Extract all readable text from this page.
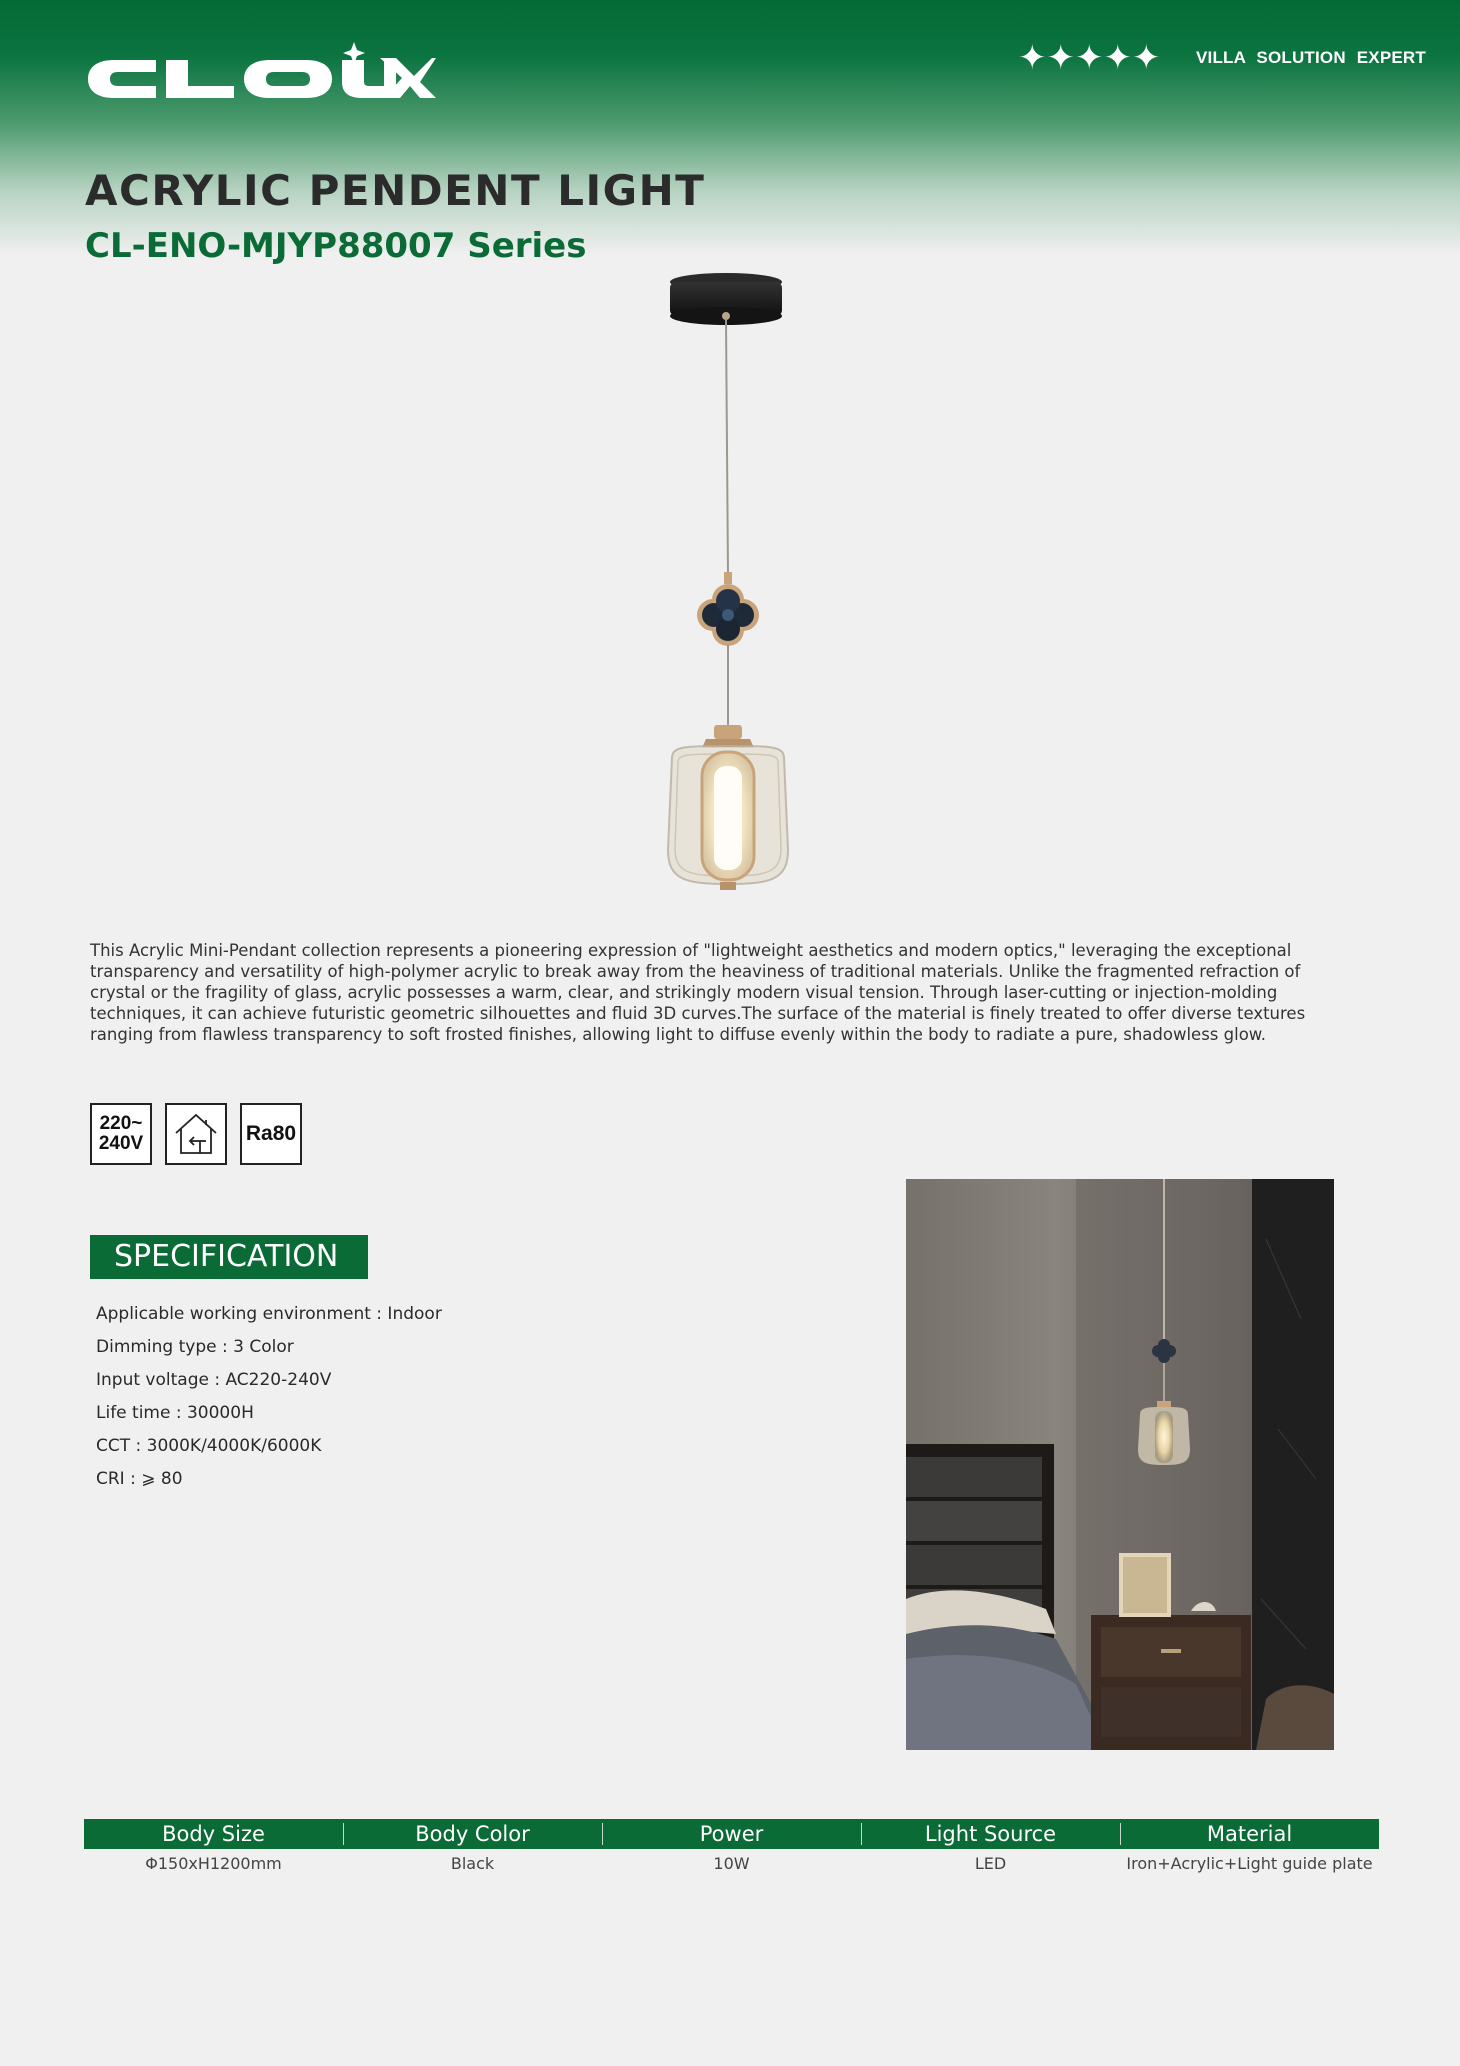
✦ ✦ ✦ ✦ ✦ VILLA SOLUTION EXPERT
ACRYLIC PENDENT LIGHT
CL-ENO-MJYP88007 Series

This Acrylic Mini-Pendant collection represents a pioneering expression of "lightweight aesthetics and modern optics," leveraging the exceptional transparency and versatility of high-polymer acrylic to break away from the heaviness of traditional materials. Unlike the fragmented refraction of crystal or the fragility of glass, acrylic possesses a warm, clear, and strikingly modern visual tension. Through laser-cutting or injection-molding techniques, it can achieve futuristic geometric silhouettes and fluid 3D curves.The surface of the material is finely treated to offer diverse textures ranging from flawless transparency to soft frosted finishes, allowing light to diffuse evenly within the body to radiate a pure, shadowless glow.

220~
240V	Ra80
SPECIFICATION
Applicable working environment : Indoor
Dimming type : 3 Color
Input voltage : AC220-240V
Life time : 30000H
CCT : 3000K/4000K/6000K
CRI : ⩾ 80
Body Size	Body Color	Power	Light Source	Material
Φ150xH1200mm	Black	10W	LED	Iron+Acrylic+Light guide plate
